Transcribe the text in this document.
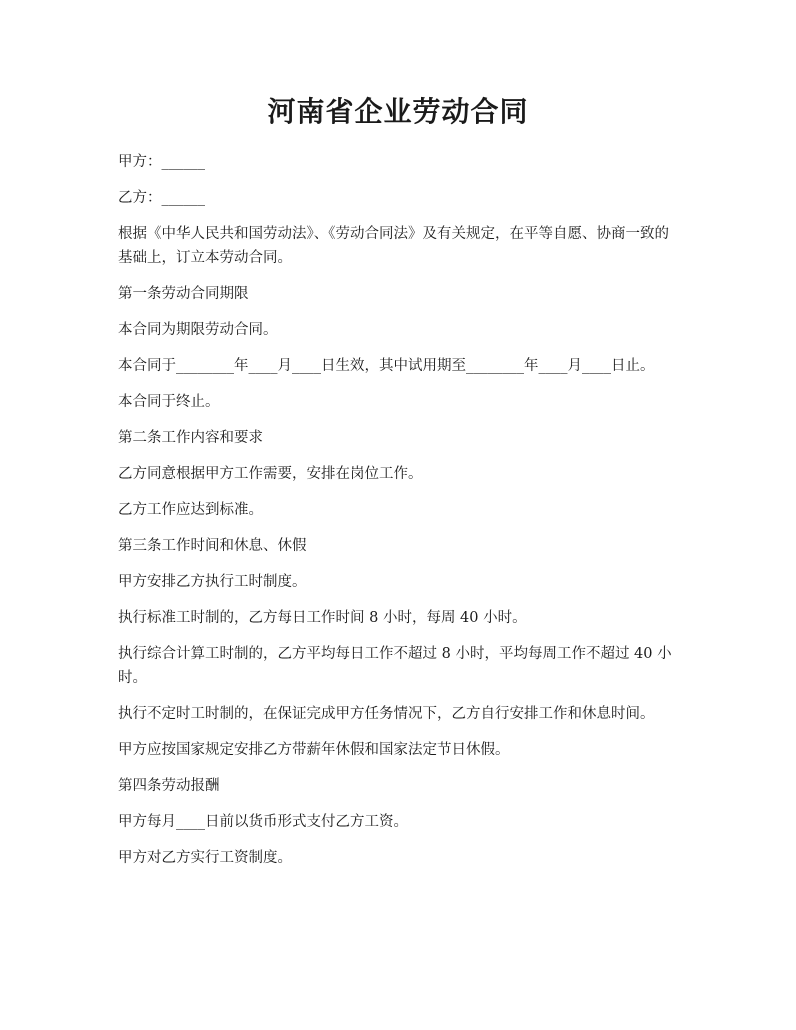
河南省企业劳动合同

甲方：______

乙方：______

根据《中华人民共和国劳动法》、《劳动合同法》及有关规定，在平等自愿、协商一致的基础上，订立本劳动合同。

第一条劳动合同期限

本合同为期限劳动合同。

本合同于________年____月____日生效，其中试用期至________年____月____日止。

本合同于终止。

第二条工作内容和要求

乙方同意根据甲方工作需要，安排在岗位工作。

乙方工作应达到标准。

第三条工作时间和休息、休假

甲方安排乙方执行工时制度。

执行标准工时制的，乙方每日工作时间 8 小时，每周 40 小时。

执行综合计算工时制的，乙方平均每日工作不超过 8 小时，平均每周工作不超过 40 小时。

执行不定时工时制的，在保证完成甲方任务情况下，乙方自行安排工作和休息时间。

甲方应按国家规定安排乙方带薪年休假和国家法定节日休假。

第四条劳动报酬

甲方每月____日前以货币形式支付乙方工资。

甲方对乙方实行工资制度。
